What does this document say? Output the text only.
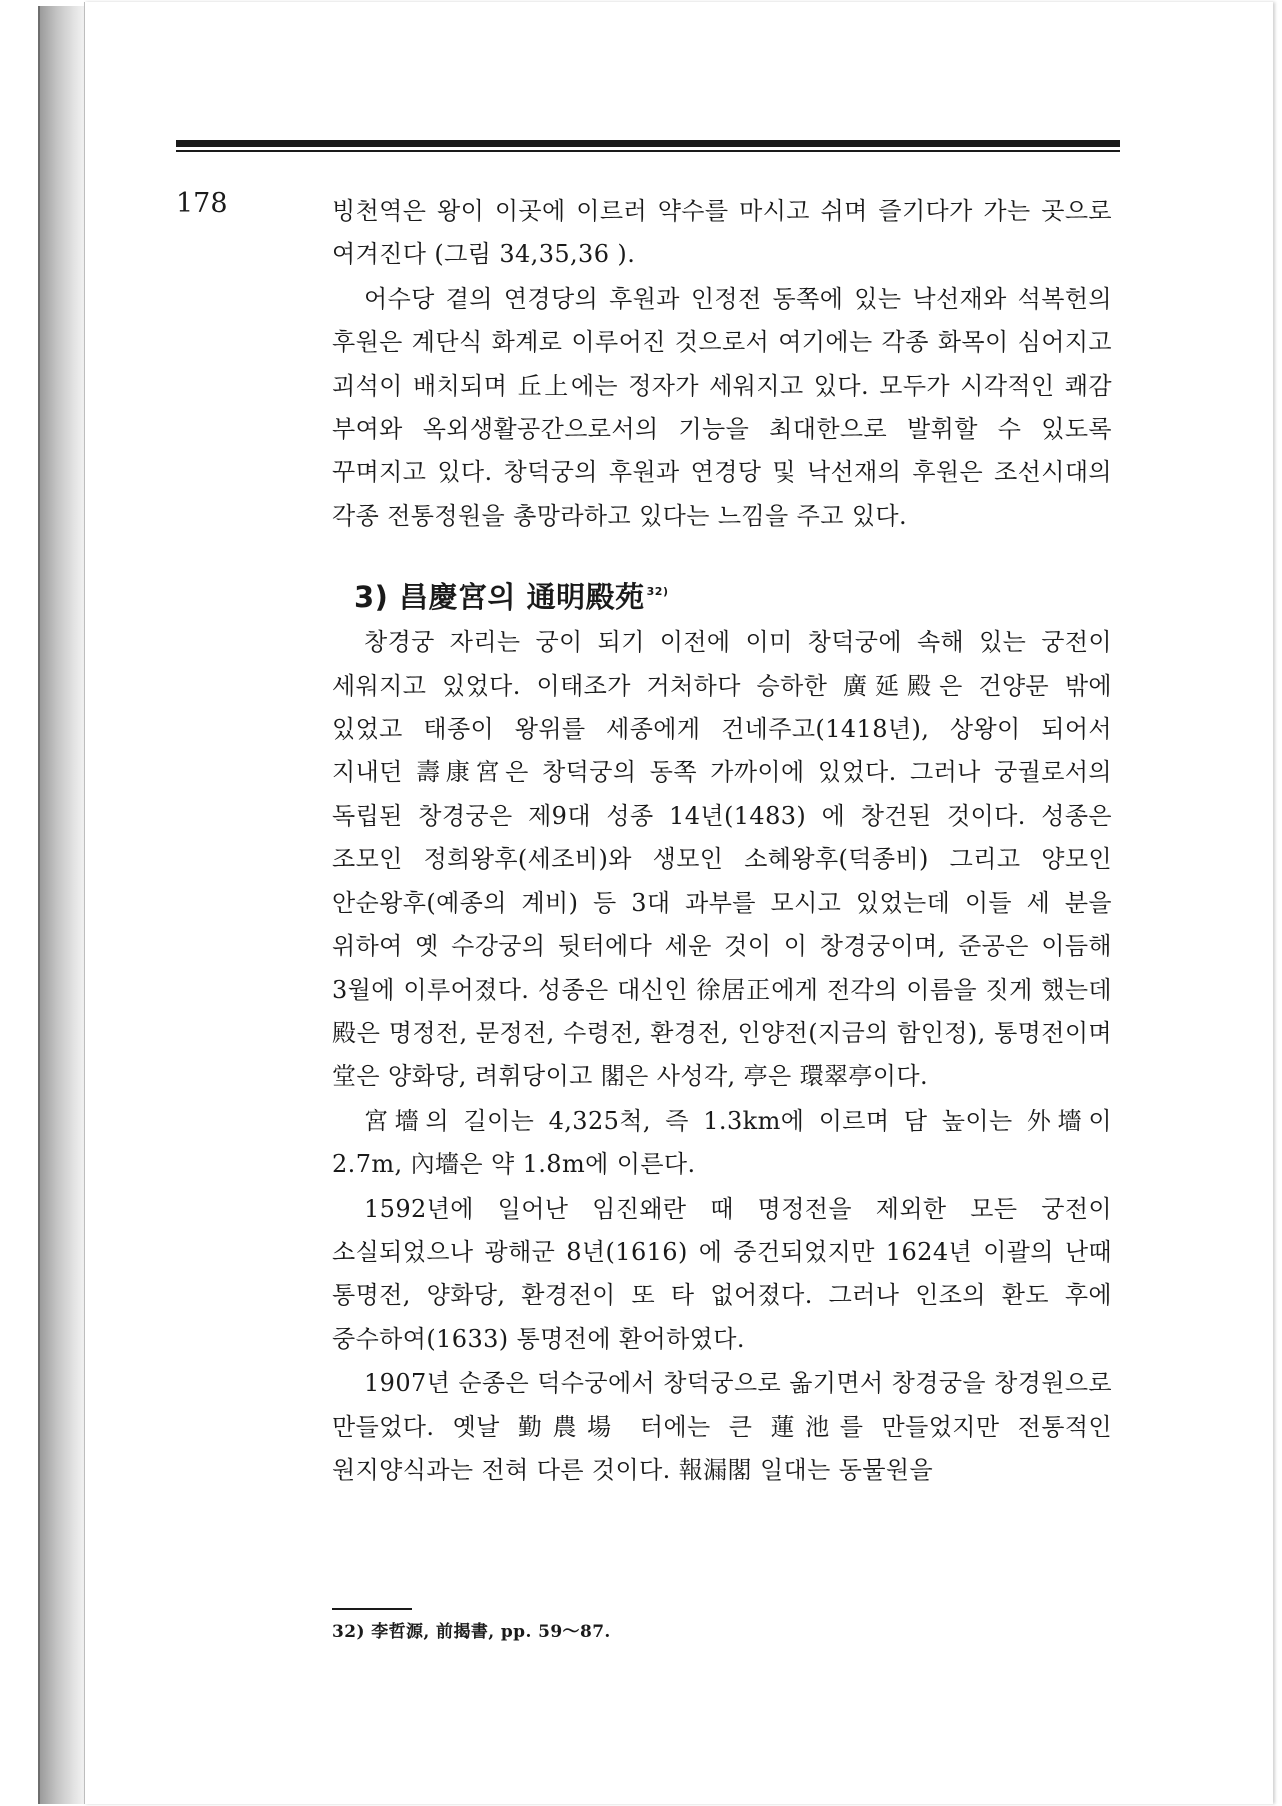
178	빙천역은 왕이 이곳에 이르러 약수를 마시고 쉬며 즐기다가 가는 곳으로 여겨진다 (그림 34,35,36 ).

어수당 곁의 연경당의 후원과 인정전 동쪽에 있는 낙선재와 석복헌의 후원은 계단식 화계로 이루어진 것으로서 여기에는 각종 화목이 심어지고 괴석이 배치되며 丘上에는 정자가 세워지고 있다. 모두가 시각적인 쾌감 부여와 옥외생활공간으로서의 기능을 최대한으로 발휘할 수 있도록 꾸며지고 있다. 창덕궁의 후원과 연경당 및 낙선재의 후원은 조선시대의 각종 전통정원을 총망라하고 있다는 느낌을 주고 있다.

3) 昌慶宮의 通明殿苑 $^{32)}$

창경궁 자리는 궁이 되기 이전에 이미 창덕궁에 속해 있는 궁전이 세워지고 있었다. 이태조가 거처하다 승하한 廣延殿은 건양문 밖에 있었고 태종이 왕위를 세종에게 건네주고(1418년), 상왕이 되어서 지내던 壽康宮은 창덕궁의 동쪽 가까이에 있었다. 그러나 궁궐로서의 독립된 창경궁은 제9대 성종 14년(1483) 에 창건된 것이다. 성종은 조모인 정희왕후(세조비)와 생모인 소혜왕후(덕종비) 그리고 양모인 안순왕후(예종의 계비) 등 3대 과부를 모시고 있었는데 이들 세 분을 위하여 옛 수강궁의 뒷터에다 세운 것이 이 창경궁이며, 준공은 이듬해 3월에 이루어졌다. 성종은 대신인 徐居正에게 전각의 이름을 짓게 했는데 殿은 명정전, 문정전, 수령전, 환경전, 인양전(지금의 함인정), 통명전이며 堂은 양화당, 려휘당이고 閣은 사성각, 亭은 環翠亭이다.

宮墻의 길이는 4,325척, 즉 1.3km에 이르며 담 높이는 外墻이 2.7m, 內墻은 약 1.8m에 이른다.

1592년에 일어난 임진왜란 때 명정전을 제외한 모든 궁전이 소실되었으나 광해군 8년(1616) 에 중건되었지만 1624년 이괄의 난때 통명전, 양화당, 환경전이 또 타 없어졌다. 그러나 인조의 환도 후에 중수하여(1633) 통명전에 환어하였다.

1907년 순종은 덕수궁에서 창덕궁으로 옮기면서 창경궁을 창경원으로 만들었다. 옛날 勤農場 터에는 큰 蓮池를 만들었지만 전통적인 원지양식과는 전혀 다른 것이다. 報漏閣 일대는 동물원을

32) 李哲源, 前揭書, pp. 59～87.
